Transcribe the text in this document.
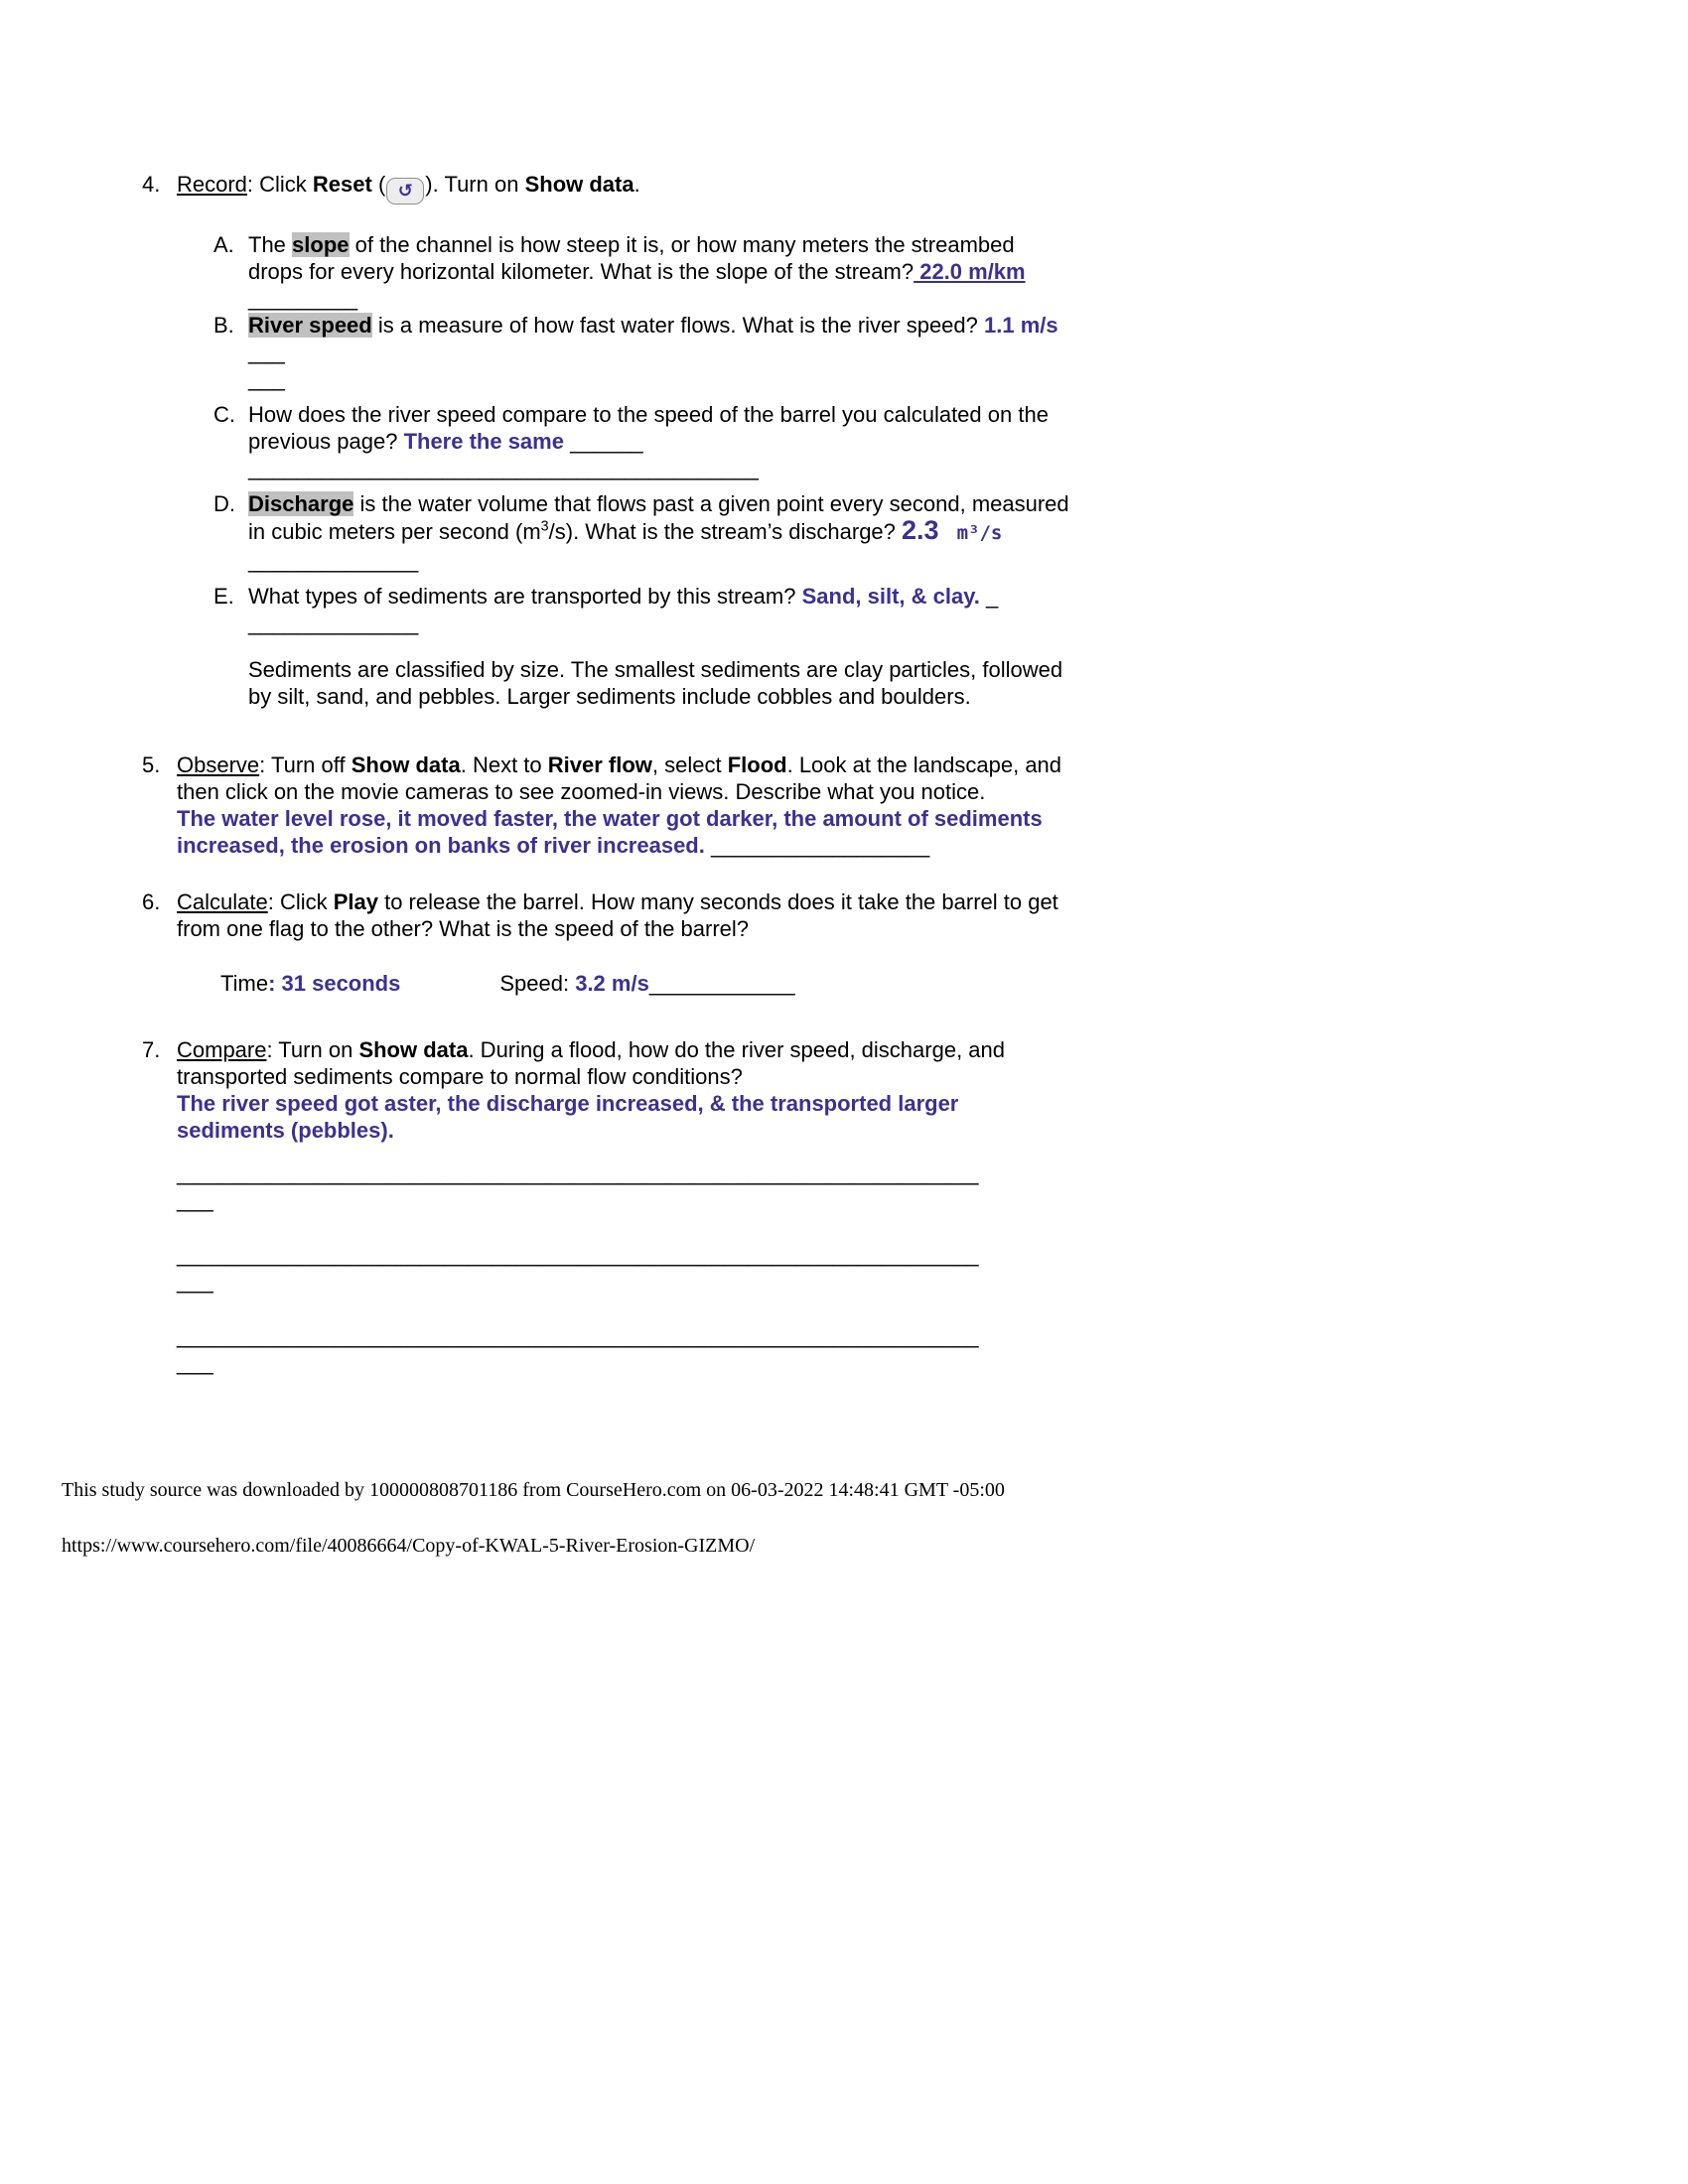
4. Record: Click Reset ( ↺ ). Turn on Show data.
A. The slope of the channel is how steep it is, or how many meters the streambed drops for every horizontal kilometer. What is the slope of the stream? 22.0 m/km
_________
B. River speed is a measure of how fast water flows. What is the river speed? 1.1 m/s
___
___
C. How does the river speed compare to the speed of the barrel you calculated on the previous page? There the same ______
__________________________________________
D. Discharge is the water volume that flows past a given point every second, measured in cubic meters per second $(m^3/s)$. What is the stream’s discharge? 2.3 m³/s
______________
E. What types of sediments are transported by this stream? Sand, silt, & clay. _
______________
Sediments are classified by size. The smallest sediments are clay particles, followed by silt, sand, and pebbles. Larger sediments include cobbles and boulders.
5. Observe: Turn off Show data. Next to River flow, select Flood. Look at the landscape, and then click on the movie cameras to see zoomed-in views. Describe what you notice.
The water level rose, it moved faster, the water got darker, the amount of sediments
increased, the erosion on banks of river increased. __________________
6. Calculate: Click Play to release the barrel. How many seconds does it take the barrel to get from one flag to the other? What is the speed of the barrel?
Time: 31 seconds	Speed: 3.2 m/s____________
7. Compare: Turn on Show data. During a flood, how do the river speed, discharge, and transported sediments compare to normal flow conditions?
The river speed got aster, the discharge increased, & the transported larger
sediments (pebbles).
__________________________________________________________________
___
__________________________________________________________________
___
__________________________________________________________________
___
This study source was downloaded by 100000808701186 from CourseHero.com on 06-03-2022 14:48:41 GMT -05:00
https://www.coursehero.com/file/40086664/Copy-of-KWAL-5-River-Erosion-GIZMO/
